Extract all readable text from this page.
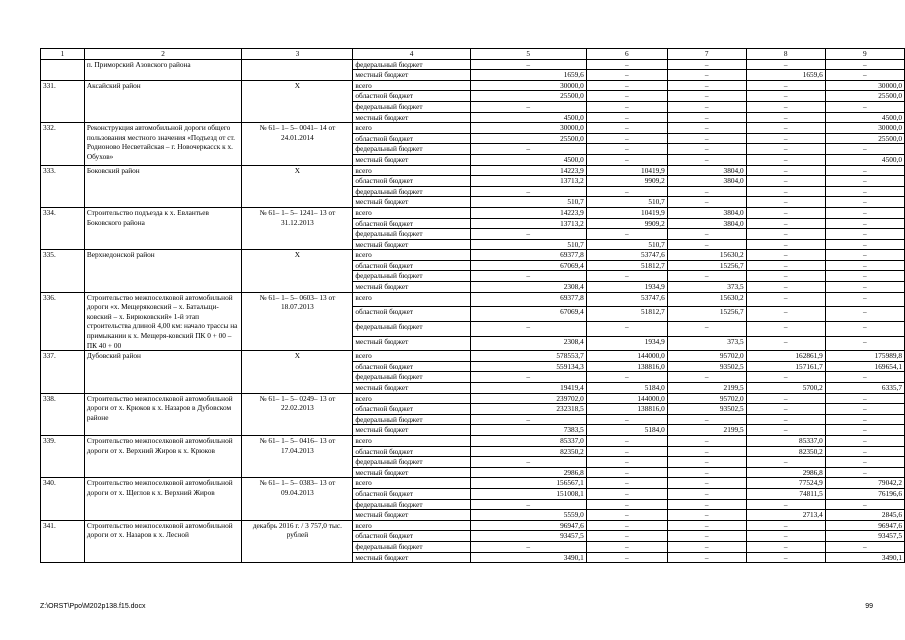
1	2	3	4	5	6	7	8	9
	п. Приморский Азовского района		федеральный бюджет	–	–	–	–	–
			местный бюджет	1659,6	–	–	1659,6	–
331.	Аксайский район	Х	всего	30000,0	–	–	–	30000,0
			областной бюджет	25500,0	–	–	–	25500,0
			федеральный бюджет	–	–	–	–	–
			местный бюджет	4500,0	–	–	–	4500,0
332.	Реконструкция автомобильной дороги общего пользования местного значения «Подъезд от ст. Родионово Несветайская – г. Новочеркасск к х. Обухов»	№ 61– 1– 5– 0041– 14 от 24.01.2014	всего	30000,0	–	–	–	30000,0
			областной бюджет	25500,0	–	–	–	25500,0
			федеральный бюджет	–	–	–	–	–
			местный бюджет	4500,0	–	–	–	4500,0
333.	Боковский район	Х	всего	14223,9	10419,9	3804,0	–	–
			областной бюджет	13713,2	9909,2	3804,0	–	–
			федеральный бюджет	–	–	–	–	–
			местный бюджет	510,7	510,7	–	–	–
334.	Строительство подъезда к х. Евлантьев Боковского района	№ 61– 1– 5– 1241– 13 от 31.12.2013	всего	14223,9	10419,9	3804,0	–	–
			областной бюджет	13713,2	9909,2	3804,0	–	–
			федеральный бюджет	–	–	–	–	–
			местный бюджет	510,7	510,7	–	–	–
335.	Верхнедонской район	Х	всего	69377,8	53747,6	15630,2	–	–
			областной бюджет	67069,4	51812,7	15256,7	–	–
			федеральный бюджет	–	–	–	–	–
			местный бюджет	2308,4	1934,9	373,5	–	–
336.	Строительство межпоселковой автомобильной дороги «х. Мещеряковский – х. Батальщи-ковский – х. Бирюковский» 1-й этап строительства длиной 4,00 км: начало трассы на примыкании к х. Мещеря-ковский ПК 0 + 00 – ПК 40 + 00	№ 61– 1– 5– 0603– 13 от 18.07.2013	всего	69377,8	53747,6	15630,2	–	–
			областной бюджет	67069,4	51812,7	15256,7	–	–
			федеральный бюджет	–	–	–	–	–
			местный бюджет	2308,4	1934,9	373,5	–	–
337.	Дубовский район	Х	всего	578553,7	144000,0	95702,0	162861,9	175989,8
			областной бюджет	559134,3	138816,0	93502,5	157161,7	169654,1
			федеральный бюджет	–	–	–	–	–
			местный бюджет	19419,4	5184,0	2199,5	5700,2	6335,7
338.	Строительство межпоселковой автомобильной дороги от х. Крюков к х. Назаров в Дубовском районе	№ 61– 1– 5– 0249– 13 от 22.02.2013	всего	239702,0	144000,0	95702,0	–	–
			областной бюджет	232318,5	138816,0	93502,5	–	–
			федеральный бюджет	–	–	–	–	–
			местный бюджет	7383,5	5184,0	2199,5	–	–
339.	Строительство межпоселковой автомобильной дороги от х. Верхний Жиров к х. Крюков	№ 61– 1– 5– 0416– 13 от 17.04.2013	всего	85337,0	–	–	85337,0	–
			областной бюджет	82350,2	–	–	82350,2	–
			федеральный бюджет	–	–	–	–	–
			местный бюджет	2986,8	–	–	2986,8	–
340.	Строительство межпоселковой автомобильной дороги от х. Щеглов к х. Верхний Жиров	№ 61– 1– 5– 0383– 13 от 09.04.2013	всего	156567,1	–	–	77524,9	79042,2
			областной бюджет	151008,1	–	–	74811,5	76196,6
			федеральный бюджет	–	–	–	–	–
			местный бюджет	5559,0	–	–	2713,4	2845,6
341.	Строительство межпоселковой автомобильной дороги от х. Назаров к х. Лесной	декабрь 2016 г. / 3 757,0 тыс. рублей	всего	96947,6	–	–	–	96947,6
			областной бюджет	93457,5	–	–	–	93457,5
			федеральный бюджет	–	–	–	–	–
			местный бюджет	3490,1	–	–	–	3490,1
Z:\ORST\Ppo\M202p138.f15.docx	99
